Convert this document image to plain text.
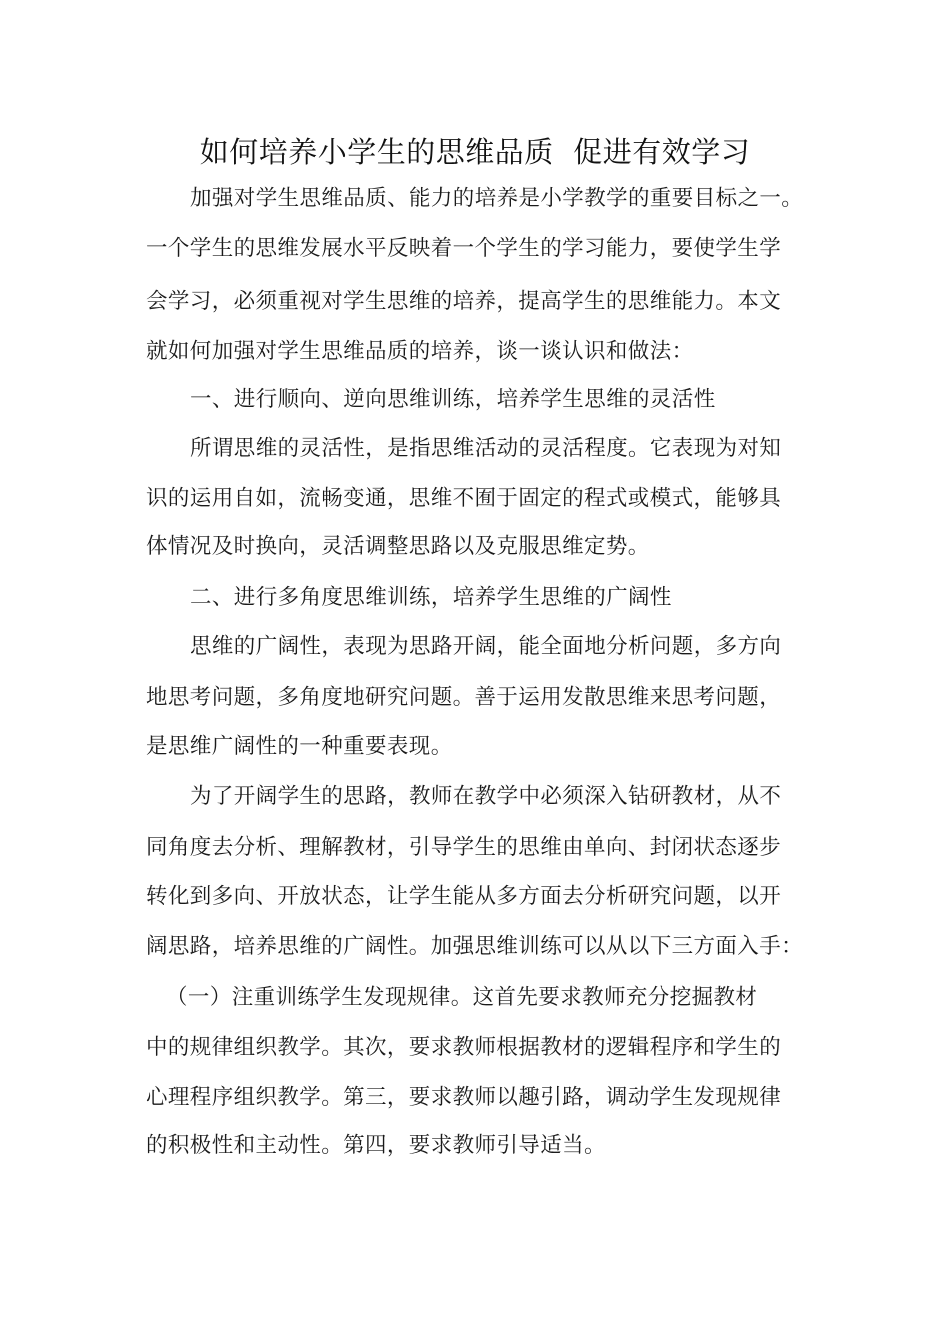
如何培养小学生的思维品质  促进有效学习
加强对学生思维品质、能力的培养是小学教学的重要目标之一。
一个学生的思维发展水平反映着一个学生的学习能力，要使学生学
会学习，必须重视对学生思维的培养，提高学生的思维能力。本文
就如何加强对学生思维品质的培养，谈一谈认识和做法：
一、进行顺向、逆向思维训练，培养学生思维的灵活性
所谓思维的灵活性，是指思维活动的灵活程度。它表现为对知
识的运用自如，流畅变通，思维不囿于固定的程式或模式，能够具
体情况及时换向，灵活调整思路以及克服思维定势。
二、进行多角度思维训练，培养学生思维的广阔性
思维的广阔性，表现为思路开阔，能全面地分析问题，多方向
地思考问题，多角度地研究问题。善于运用发散思维来思考问题，
是思维广阔性的一种重要表现。
为了开阔学生的思路，教师在教学中必须深入钻研教材，从不
同角度去分析、理解教材，引导学生的思维由单向、封闭状态逐步
转化到多向、开放状态，让学生能从多方面去分析研究问题，以开
阔思路，培养思维的广阔性。加强思维训练可以从以下三方面入手：
（一）注重训练学生发现规律。这首先要求教师充分挖掘教材
中的规律组织教学。其次，要求教师根据教材的逻辑程序和学生的
心理程序组织教学。第三，要求教师以趣引路，调动学生发现规律
的积极性和主动性。第四，要求教师引导适当。
